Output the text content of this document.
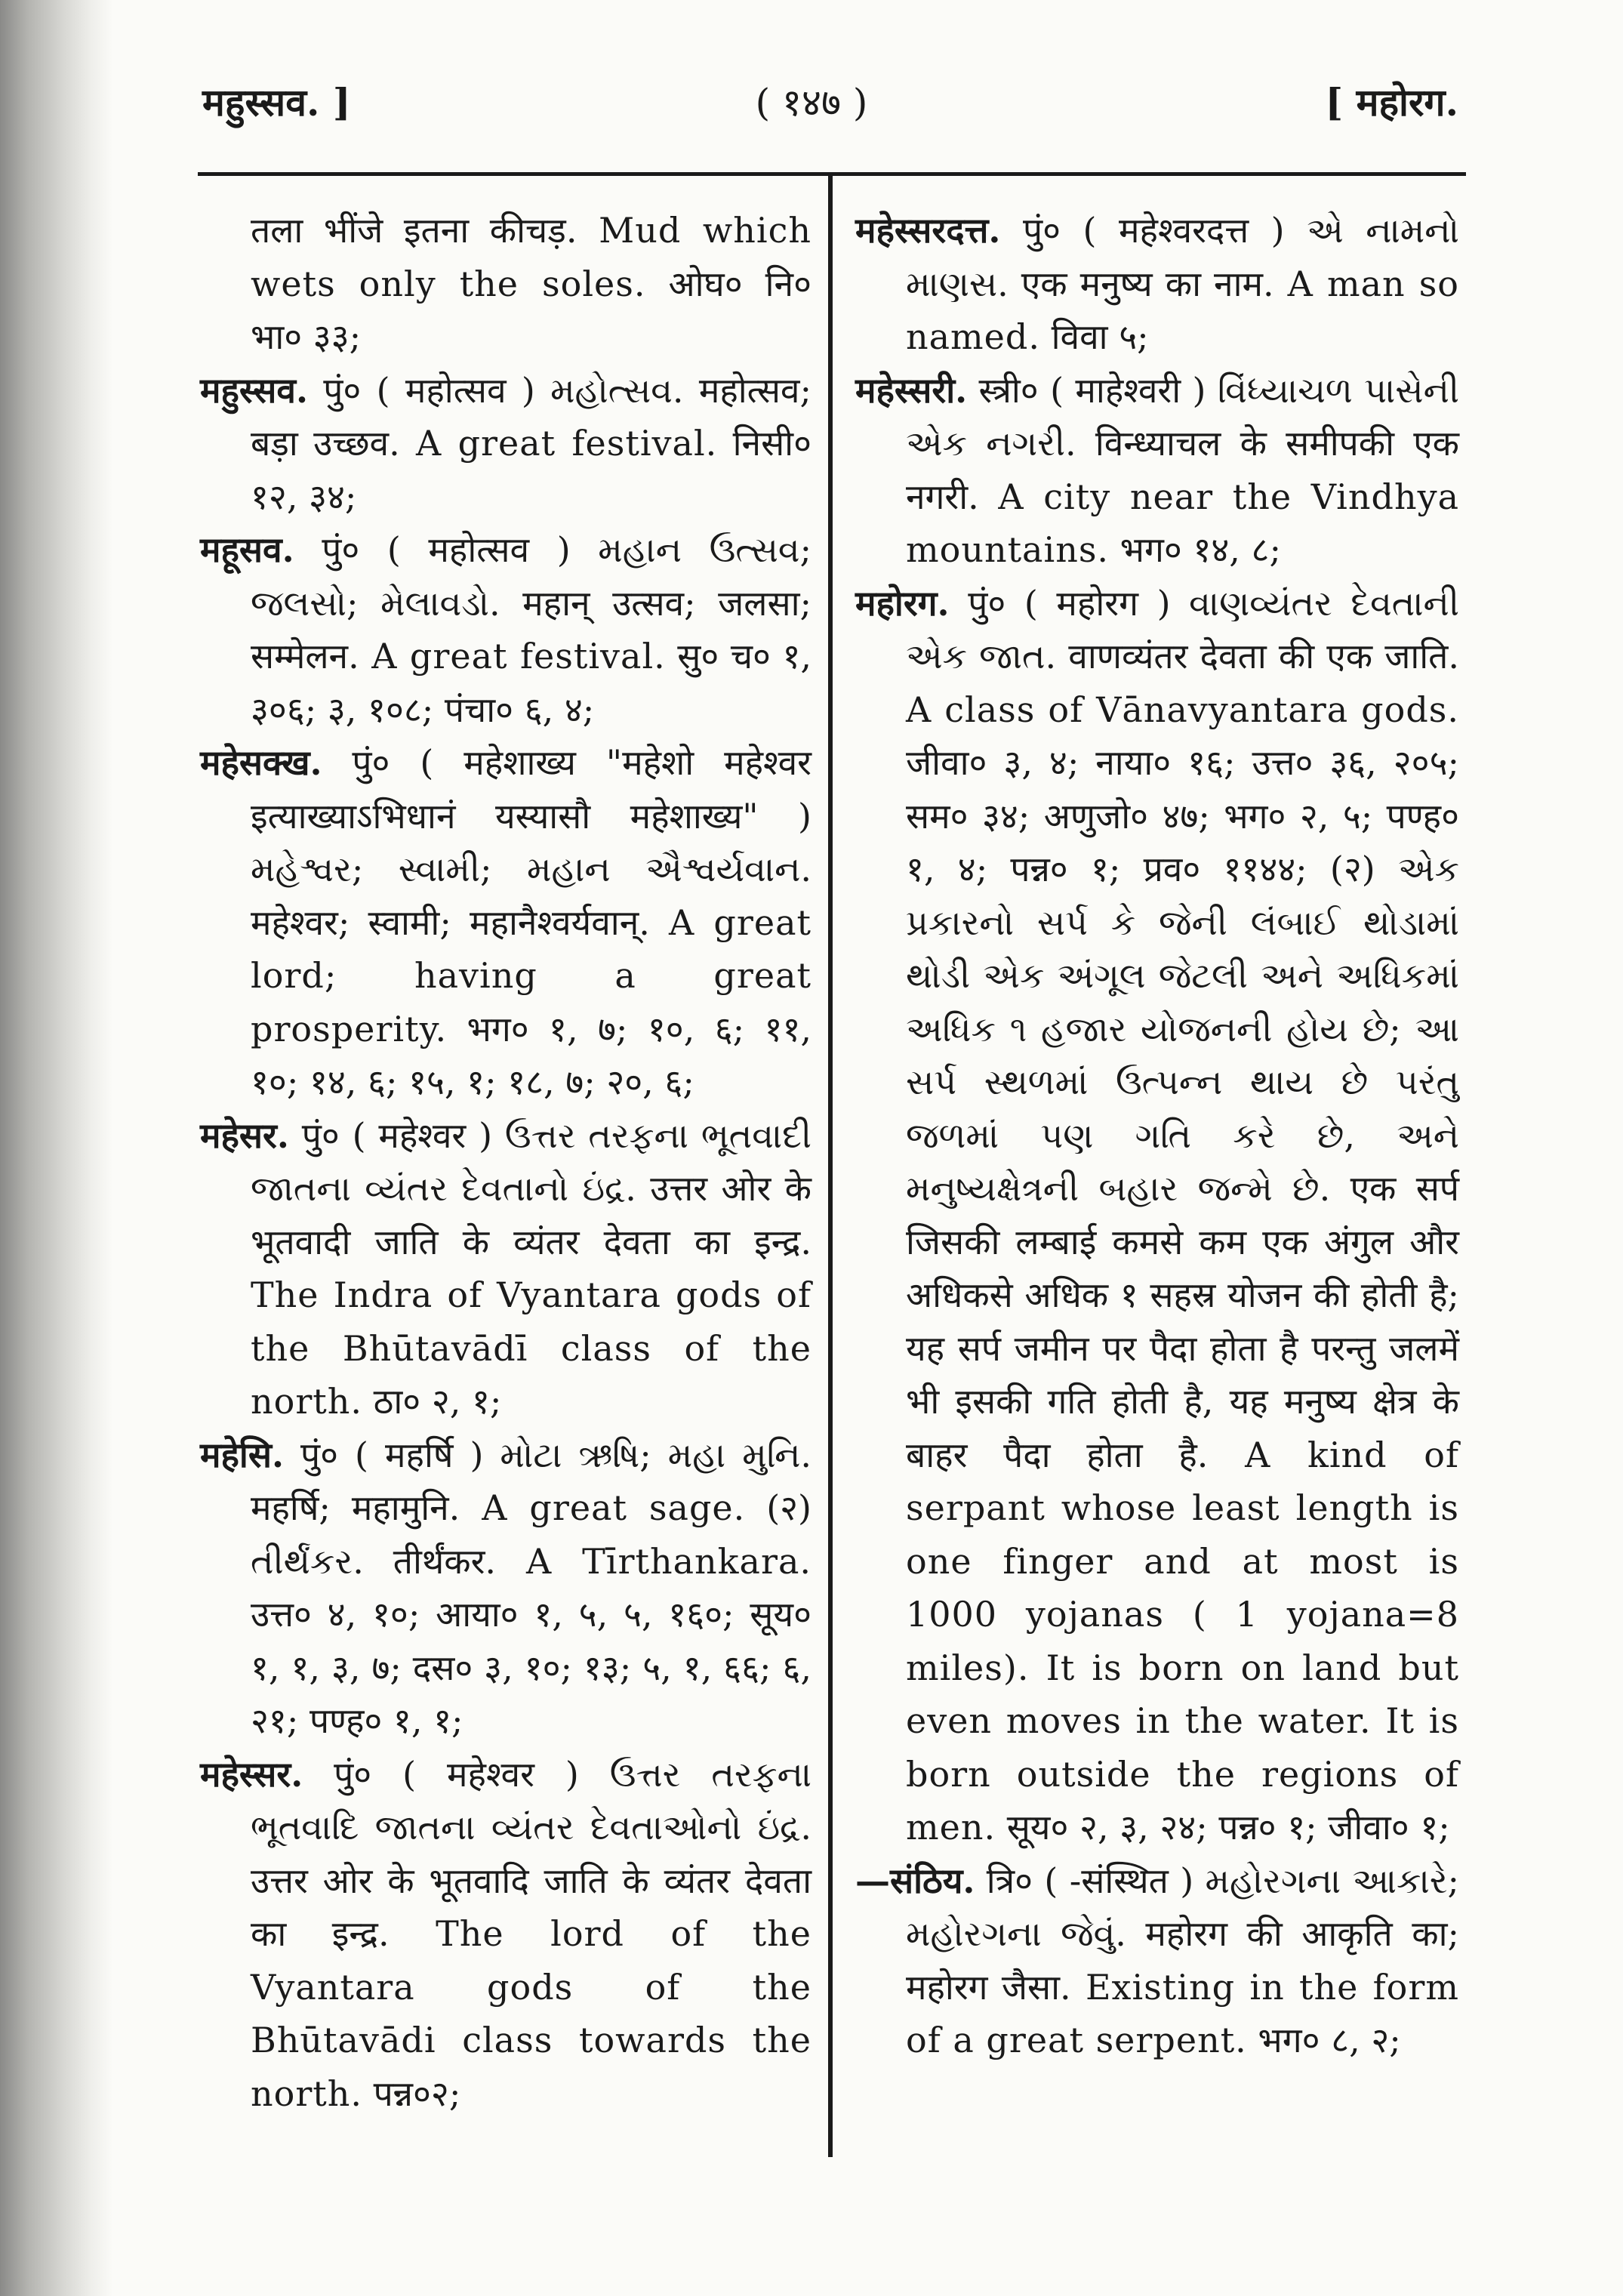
महुस्सव. ]	( १४७ )	[ महोरग.

तला भींजे इतना कीचड़. Mud which wets only the soles. ओघ० नि० भा० ३३;

महुस्सव. पुं० ( महोत्सव ) મહોત્સવ. महोत्सव; बड़ा उच्छव. A great festival. निसी० १२, ३४;

महूसव. पुं० ( महोत्सव ) મહાન ઉત્સવ; જલસો; મેલાવડો. महान् उत्सव; जलसा; सम्मेलन. A great festival. सु० च० १, ३०६; ३, १०८; पंचा० ६, ४;

महेसक्ख. पुं० ( महेशाख्य "महेशो महेश्वर इत्याख्याऽभिधानं यस्यासौ महेशाख्य" ) મહેશ્વર; સ્વામી; મહાન ઐશ્વર્યવાન. महेश्वर; स्वामी; महानैश्वर्यवान्. A great lord; having a great prosperity. भग० १, ७; १०, ६; ११, १०; १४, ६; १५, १; १८, ७; २०, ६;

महेसर. पुं० ( महेश्वर ) ઉત્તર તરફના ભૂતવાદી જાતના વ્યંતર દેવતાનો ઇંદ્ર. उत्तर ओर के भूतवादी जाति के व्यंतर देवता का इन्द्र. The Indra of Vyantara gods of the Bhūtavādī class of the north. ठा० २, १;

महेसि. पुं० ( महर्षि ) મોટા ઋષિ; મહા મુનિ. महर्षि; महामुनि. A great sage. (२) તીર્થંકર. तीर्थंकर. A Tīrthankara. उत्त० ४, १०; आया० १, ५, ५, १६०; सूय० १, १, ३, ७; दस० ३, १०; १३; ५, १, ६६; ६, २१; पण्ह० १, १;

महेस्सर. पुं० ( महेश्वर ) ઉત્તર તરફના ભૂતવાદિ જાતના વ્યંતર દેવતાઓનો ઇંદ્ર. उत्तर ओर के भूतवादि जाति के व्यंतर देवता का इन्द्र. The lord of the Vyantara gods of the Bhūtavādi class towards the north. पन्न०२;

महेस्सरदत्त. पुं० ( महेश्वरदत्त ) એ નામનો માણસ. एक मनुष्य का नाम. A man so named. विवा ५;

महेस्सरी. स्त्री० ( माहेश्वरी ) વિંધ્યાચળ પાસેની એક નગરી. विन्ध्याचल के समीपकी एक नगरी. A city near the Vindhya mountains. भग० १४, ८;

महोरग. पुं० ( महोरग ) વાણવ્યંતર દેવતાની એક જાત. वाणव्यंतर देवता की एक जाति. A class of Vānavyantara gods. जीवा० ३, ४; नाया० १६; उत्त० ३६, २०५; सम० ३४; अणुजो० ४७; भग० २, ५; पण्ह० १, ४; पन्न० १; प्रव० ११४४; (२) એક પ્રકારનો સર્પ કે જેની લંબાઈ થોડામાં થોડી એક અંગૂલ જેટલી અને અધિકમાં અધિક ૧ હજાર યોજનની હોય છે; આ સર્પ સ્થળમાં ઉત્પન્ન થાય છે પરંતુ જળમાં પણ ગતિ કરે છે, અને મનુષ્યક્ષેત્રની બહાર જન્મે છે. एक सर्प जिसकी लम्बाई कमसे कम एक अंगुल और अधिकसे अधिक १ सहस्र योजन की होती है; यह सर्प जमीन पर पैदा होता है परन्तु जलमें भी इसकी गति होती है, यह मनुष्य क्षेत्र के बाहर पैदा होता है. A kind of serpant whose least length is one finger and at most is 1000 yojanas ( 1 yojana=8 miles). It is born on land but even moves in the water. It is born outside the regions of men. सूय० २, ३, २४; पन्न० १; जीवा० १;

—संठिय. त्रि० ( -संस्थित ) મહોરગના આકારે; મહોરગના જેવું. महोरग की आकृति का; महोरग जैसा. Existing in the form of a great serpent. भग० ८, २;
